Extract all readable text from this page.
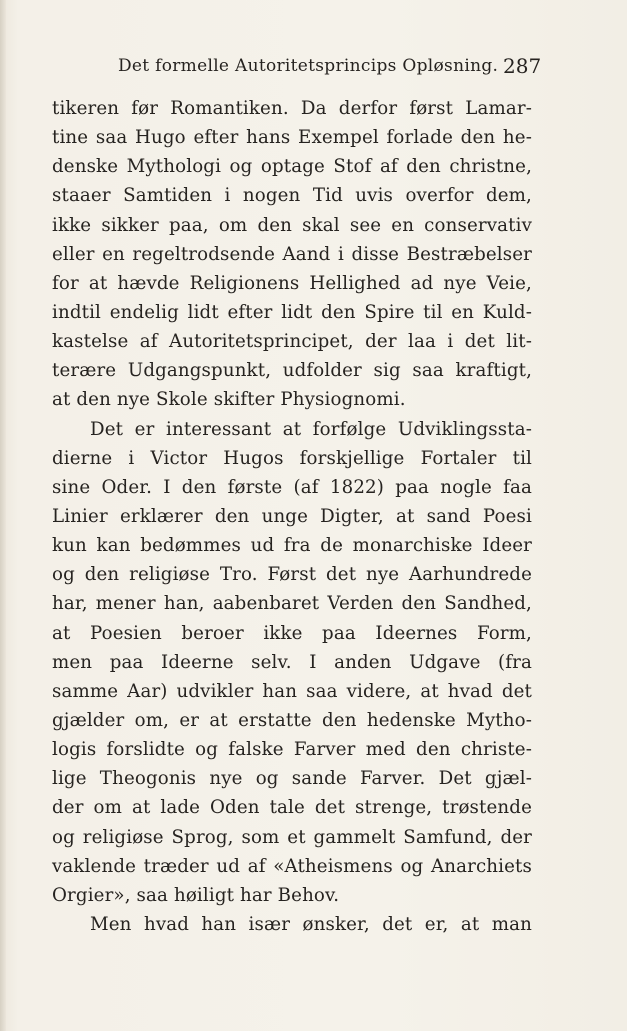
Det formelle Autoritetsprincips Opløsning. 287
tikeren før Romantiken. Da derfor først Lamar-
tine saa Hugo efter hans Exempel forlade den he-
denske Mythologi og optage Stof af den christne,
staaer Samtiden i nogen Tid uvis overfor dem,
ikke sikker paa, om den skal see en conservativ
eller en regeltrodsende Aand i disse Bestræbelser
for at hævde Religionens Hellighed ad nye Veie,
indtil endelig lidt efter lidt den Spire til en Kuld-
kastelse af Autoritetsprincipet, der laa i det lit-
terære Udgangspunkt, udfolder sig saa kraftigt,
at den nye Skole skifter Physiognomi.
Det er interessant at forfølge Udviklingssta-
dierne i Victor Hugos forskjellige Fortaler til
sine Oder. I den første (af 1822) paa nogle faa
Linier erklærer den unge Digter, at sand Poesi
kun kan bedømmes ud fra de monarchiske Ideer
og den religiøse Tro. Først det nye Aarhundrede
har, mener han, aabenbaret Verden den Sandhed,
at Poesien beroer ikke paa Ideernes Form,
men paa Ideerne selv. I anden Udgave (fra
samme Aar) udvikler han saa videre, at hvad det
gjælder om, er at erstatte den hedenske Mytho-
logis forslidte og falske Farver med den christe-
lige Theogonis nye og sande Farver. Det gjæl-
der om at lade Oden tale det strenge, trøstende
og religiøse Sprog, som et gammelt Samfund, der
vaklende træder ud af «Atheismens og Anarchiets
Orgier», saa høiligt har Behov.
Men hvad han især ønsker, det er, at man
